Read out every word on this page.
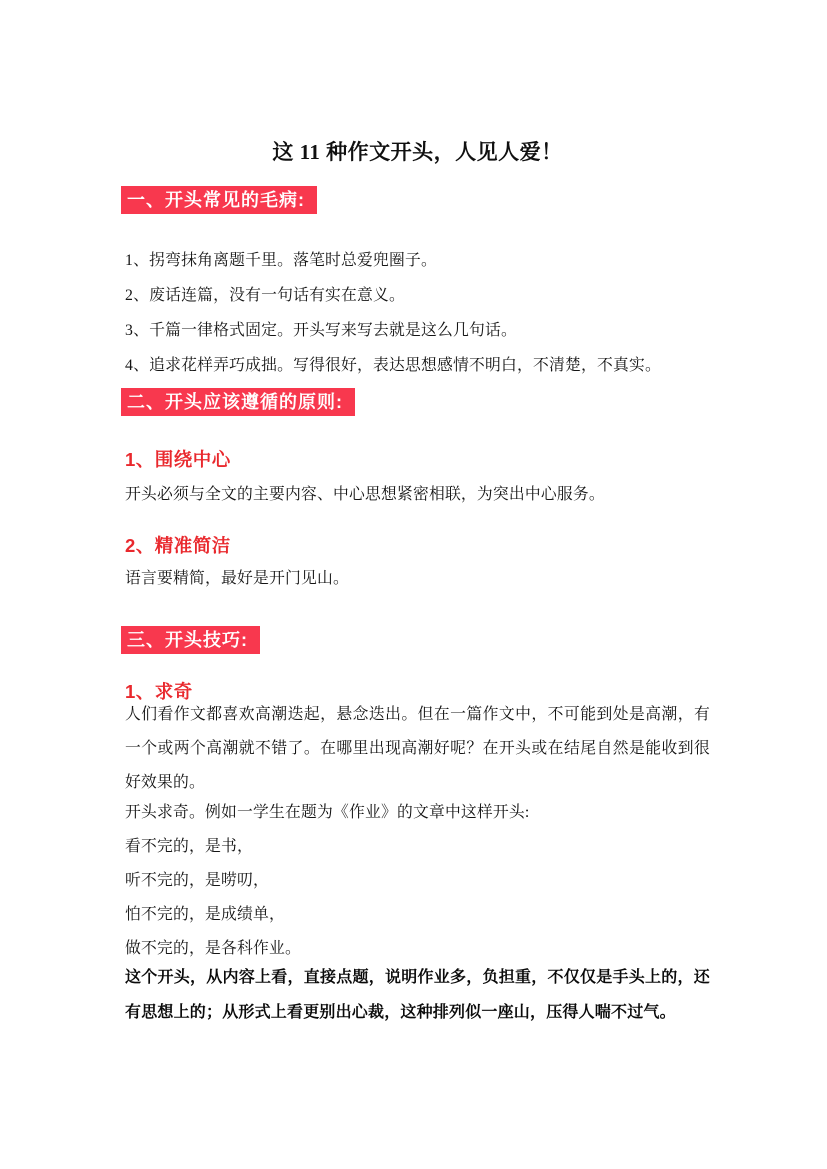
这 11 种作文开头，人见人爱！
一、开头常见的毛病:

1、拐弯抹角离题千里。落笔时总爱兜圈子。

2、废话连篇，没有一句话有实在意义。

3、千篇一律格式固定。开头写来写去就是这么几句话。

4、追求花样弄巧成拙。写得很好，表达思想感情不明白，不清楚，不真实。

二、开头应该遵循的原则:
1、围绕中心

开头必须与全文的主要内容、中心思想紧密相联，为突出中心服务。

2、精准简洁

语言要精简，最好是开门见山。

三、开头技巧:
1、求奇

人们看作文都喜欢高潮迭起，悬念迭出。但在一篇作文中，不可能到处是高潮，有一个或两个高潮就不错了。在哪里出现高潮好呢？在开头或在结尾自然是能收到很好效果的。

开头求奇。例如一学生在题为《作业》的文章中这样开头:

看不完的，是书，

听不完的，是唠叨，

怕不完的，是成绩单，

做不完的，是各科作业。

这个开头，从内容上看，直接点题，说明作业多，负担重，不仅仅是手头上的，还有思想上的；从形式上看更别出心裁，这种排列似一座山，压得人喘不过气。
